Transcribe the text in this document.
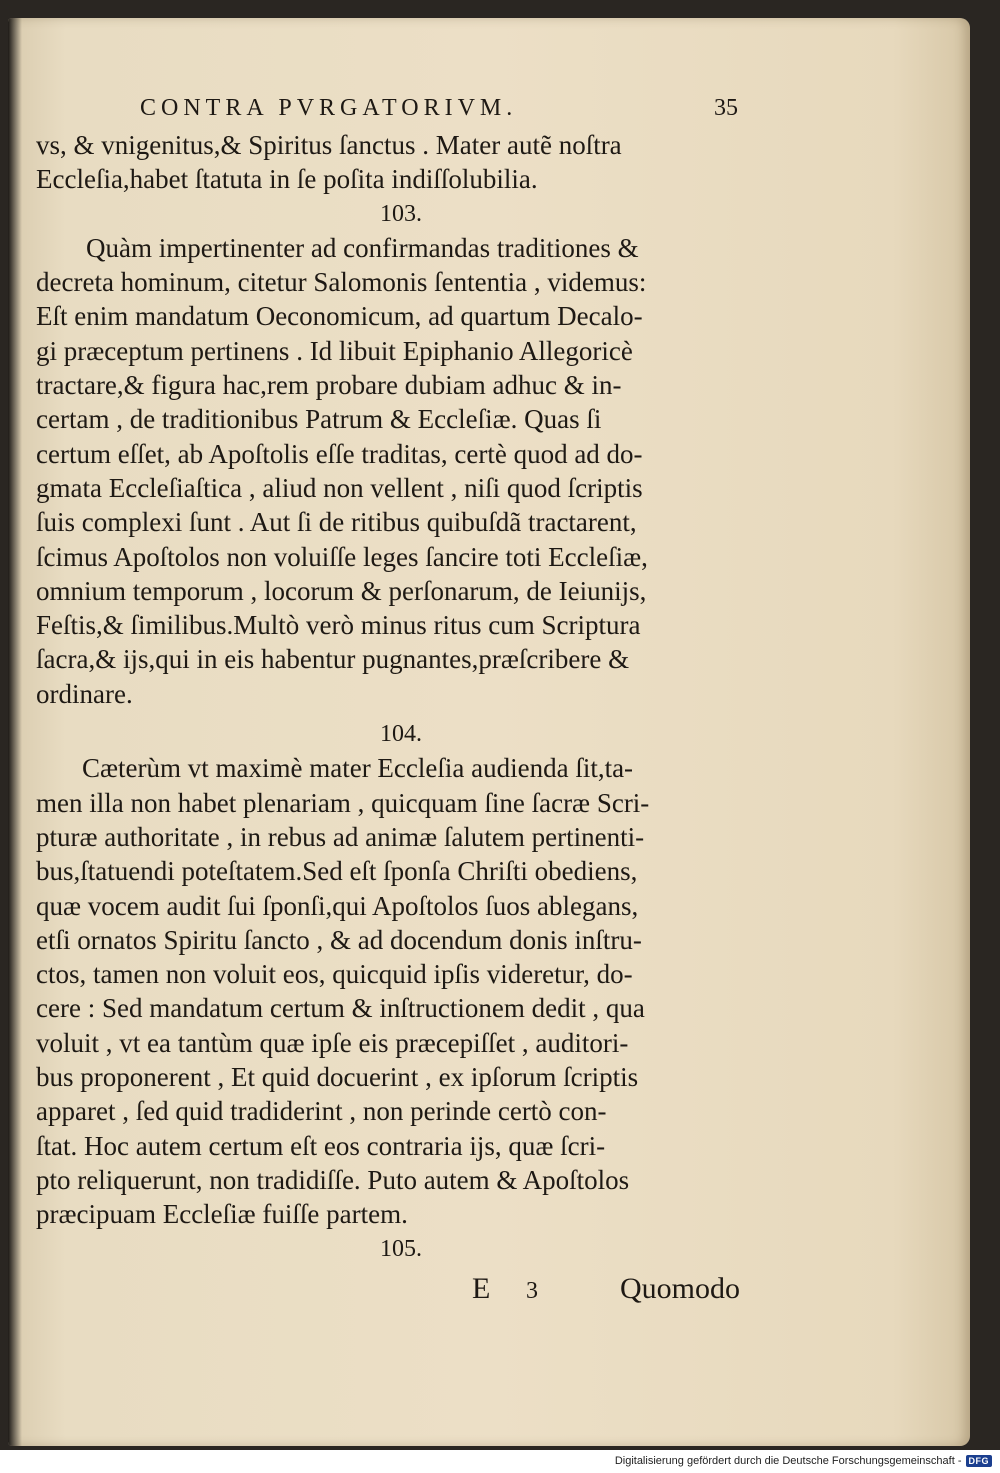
CONTRA PVRGATORIVM.	35
vs, & vnigenitus,& Spiritus ſanctus . Mater autẽ noſtra
Eccleſia,habet ſtatuta in ſe poſita indiſſolubilia.
103.
Quàm impertinenter ad confirmandas traditiones &
decreta hominum, citetur Salomonis ſententia , videmus:
Eſt enim mandatum Oeconomicum, ad quartum Decalo-
gi præceptum pertinens . Id libuit Epiphanio Allegoricè
tractare,& figura hac,rem probare dubiam adhuc & in-
certam , de traditionibus Patrum & Eccleſiæ. Quas ſi
certum eſſet, ab Apoſtolis eſſe traditas, certè quod ad do-
gmata Eccleſiaſtica , aliud non vellent , niſi quod ſcriptis
ſuis complexi ſunt . Aut ſi de ritibus quibuſdã tractarent,
ſcimus Apoſtolos non voluiſſe leges ſancire toti Eccleſiæ,
omnium temporum , locorum & perſonarum, de Ieiunijs,
Feſtis,& ſimilibus.Multò verò minus ritus cum Scriptura
ſacra,& ijs,qui in eis habentur pugnantes,præſcribere &
ordinare.
104.
Cæterùm vt maximè mater Eccleſia audienda ſit,ta-
men illa non habet plenariam , quicquam ſine ſacræ Scri-
pturæ authoritate , in rebus ad animæ ſalutem pertinenti-
bus,ſtatuendi poteſtatem.Sed eſt ſponſa Chriſti obediens,
quæ vocem audit ſui ſponſi,qui Apoſtolos ſuos ablegans,
etſi ornatos Spiritu ſancto , & ad docendum donis inſtru-
ctos, tamen non voluit eos, quicquid ipſis videretur, do-
cere : Sed mandatum certum & inſtructionem dedit , qua
voluit , vt ea tantùm quæ ipſe eis præcepiſſet , auditori-
bus proponerent , Et quid docuerint , ex ipſorum ſcriptis
apparet , ſed quid tradiderint , non perinde certò con-
ſtat. Hoc autem certum eſt eos contraria ijs, quæ ſcri-
pto reliquerunt, non tradidiſſe. Puto autem & Apoſtolos
præcipuam Eccleſiæ fuiſſe partem.
105.
E 3	Quomodo
Digitalisierung gefördert durch die Deutsche Forschungsgemeinschaft - DFG
